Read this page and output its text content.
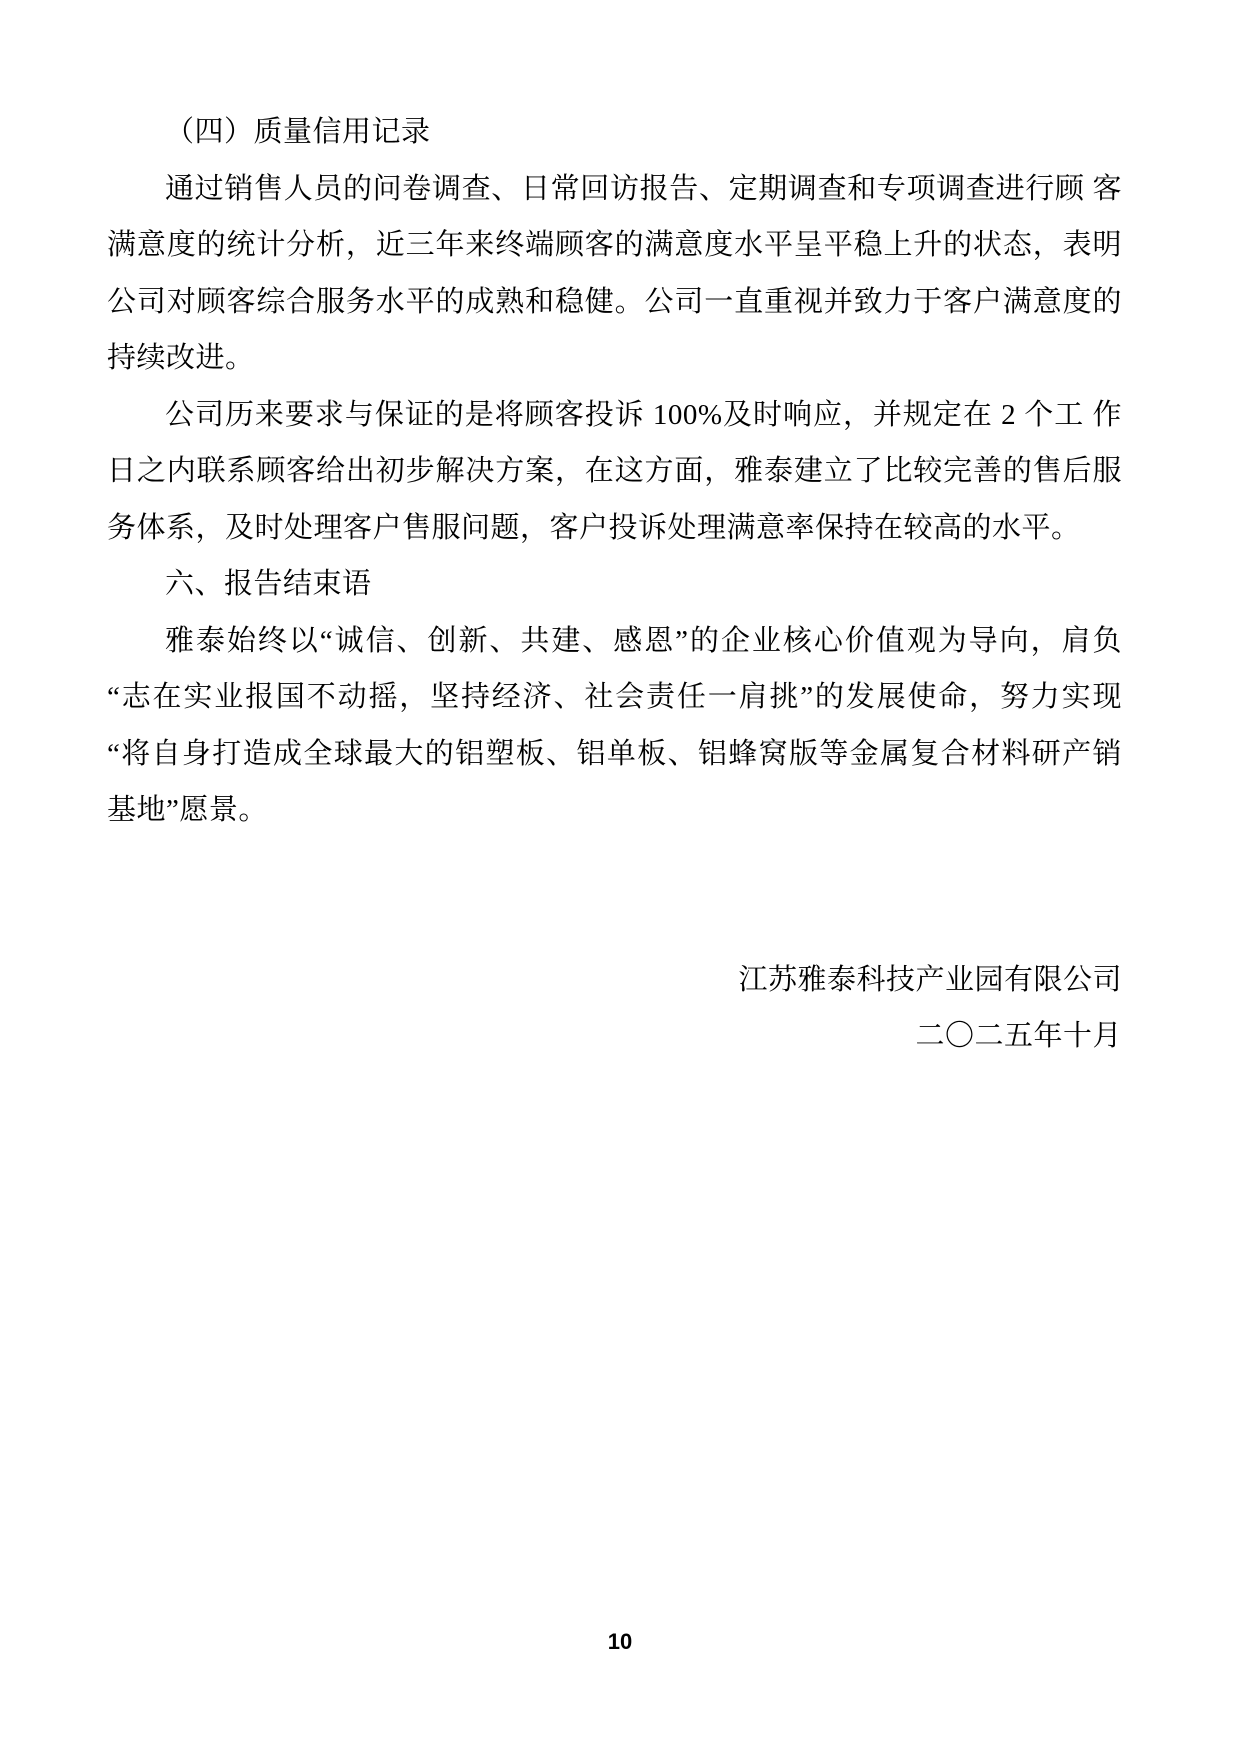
（四）质量信用记录
通过销售人员的问卷调查、日常回访报告、定期调查和专项调查进行顾 客
满意度的统计分析，近三年来终端顾客的满意度水平呈平稳上升的状态，表明
公司对顾客综合服务水平的成熟和稳健。公司一直重视并致力于客户满意度的
持续改进。
公司历来要求与保证的是将顾客投诉 100%及时响应，并规定在 2 个工 作
日之内联系顾客给出初步解决方案，在这方面，雅泰建立了比较完善的售后服
务体系，及时处理客户售服问题，客户投诉处理满意率保持在较高的水平。
六、报告结束语
雅泰始终以“诚信、创新、共建、感恩”的企业核心价值观为导向，肩负
“志在实业报国不动摇，坚持经济、社会责任一肩挑”的发展使命，努力实现
“将自身打造成全球最大的铝塑板、铝单板、铝蜂窝版等金属复合材料研产销
基地”愿景。
江苏雅泰科技产业园有限公司
二〇二五年十月
10
